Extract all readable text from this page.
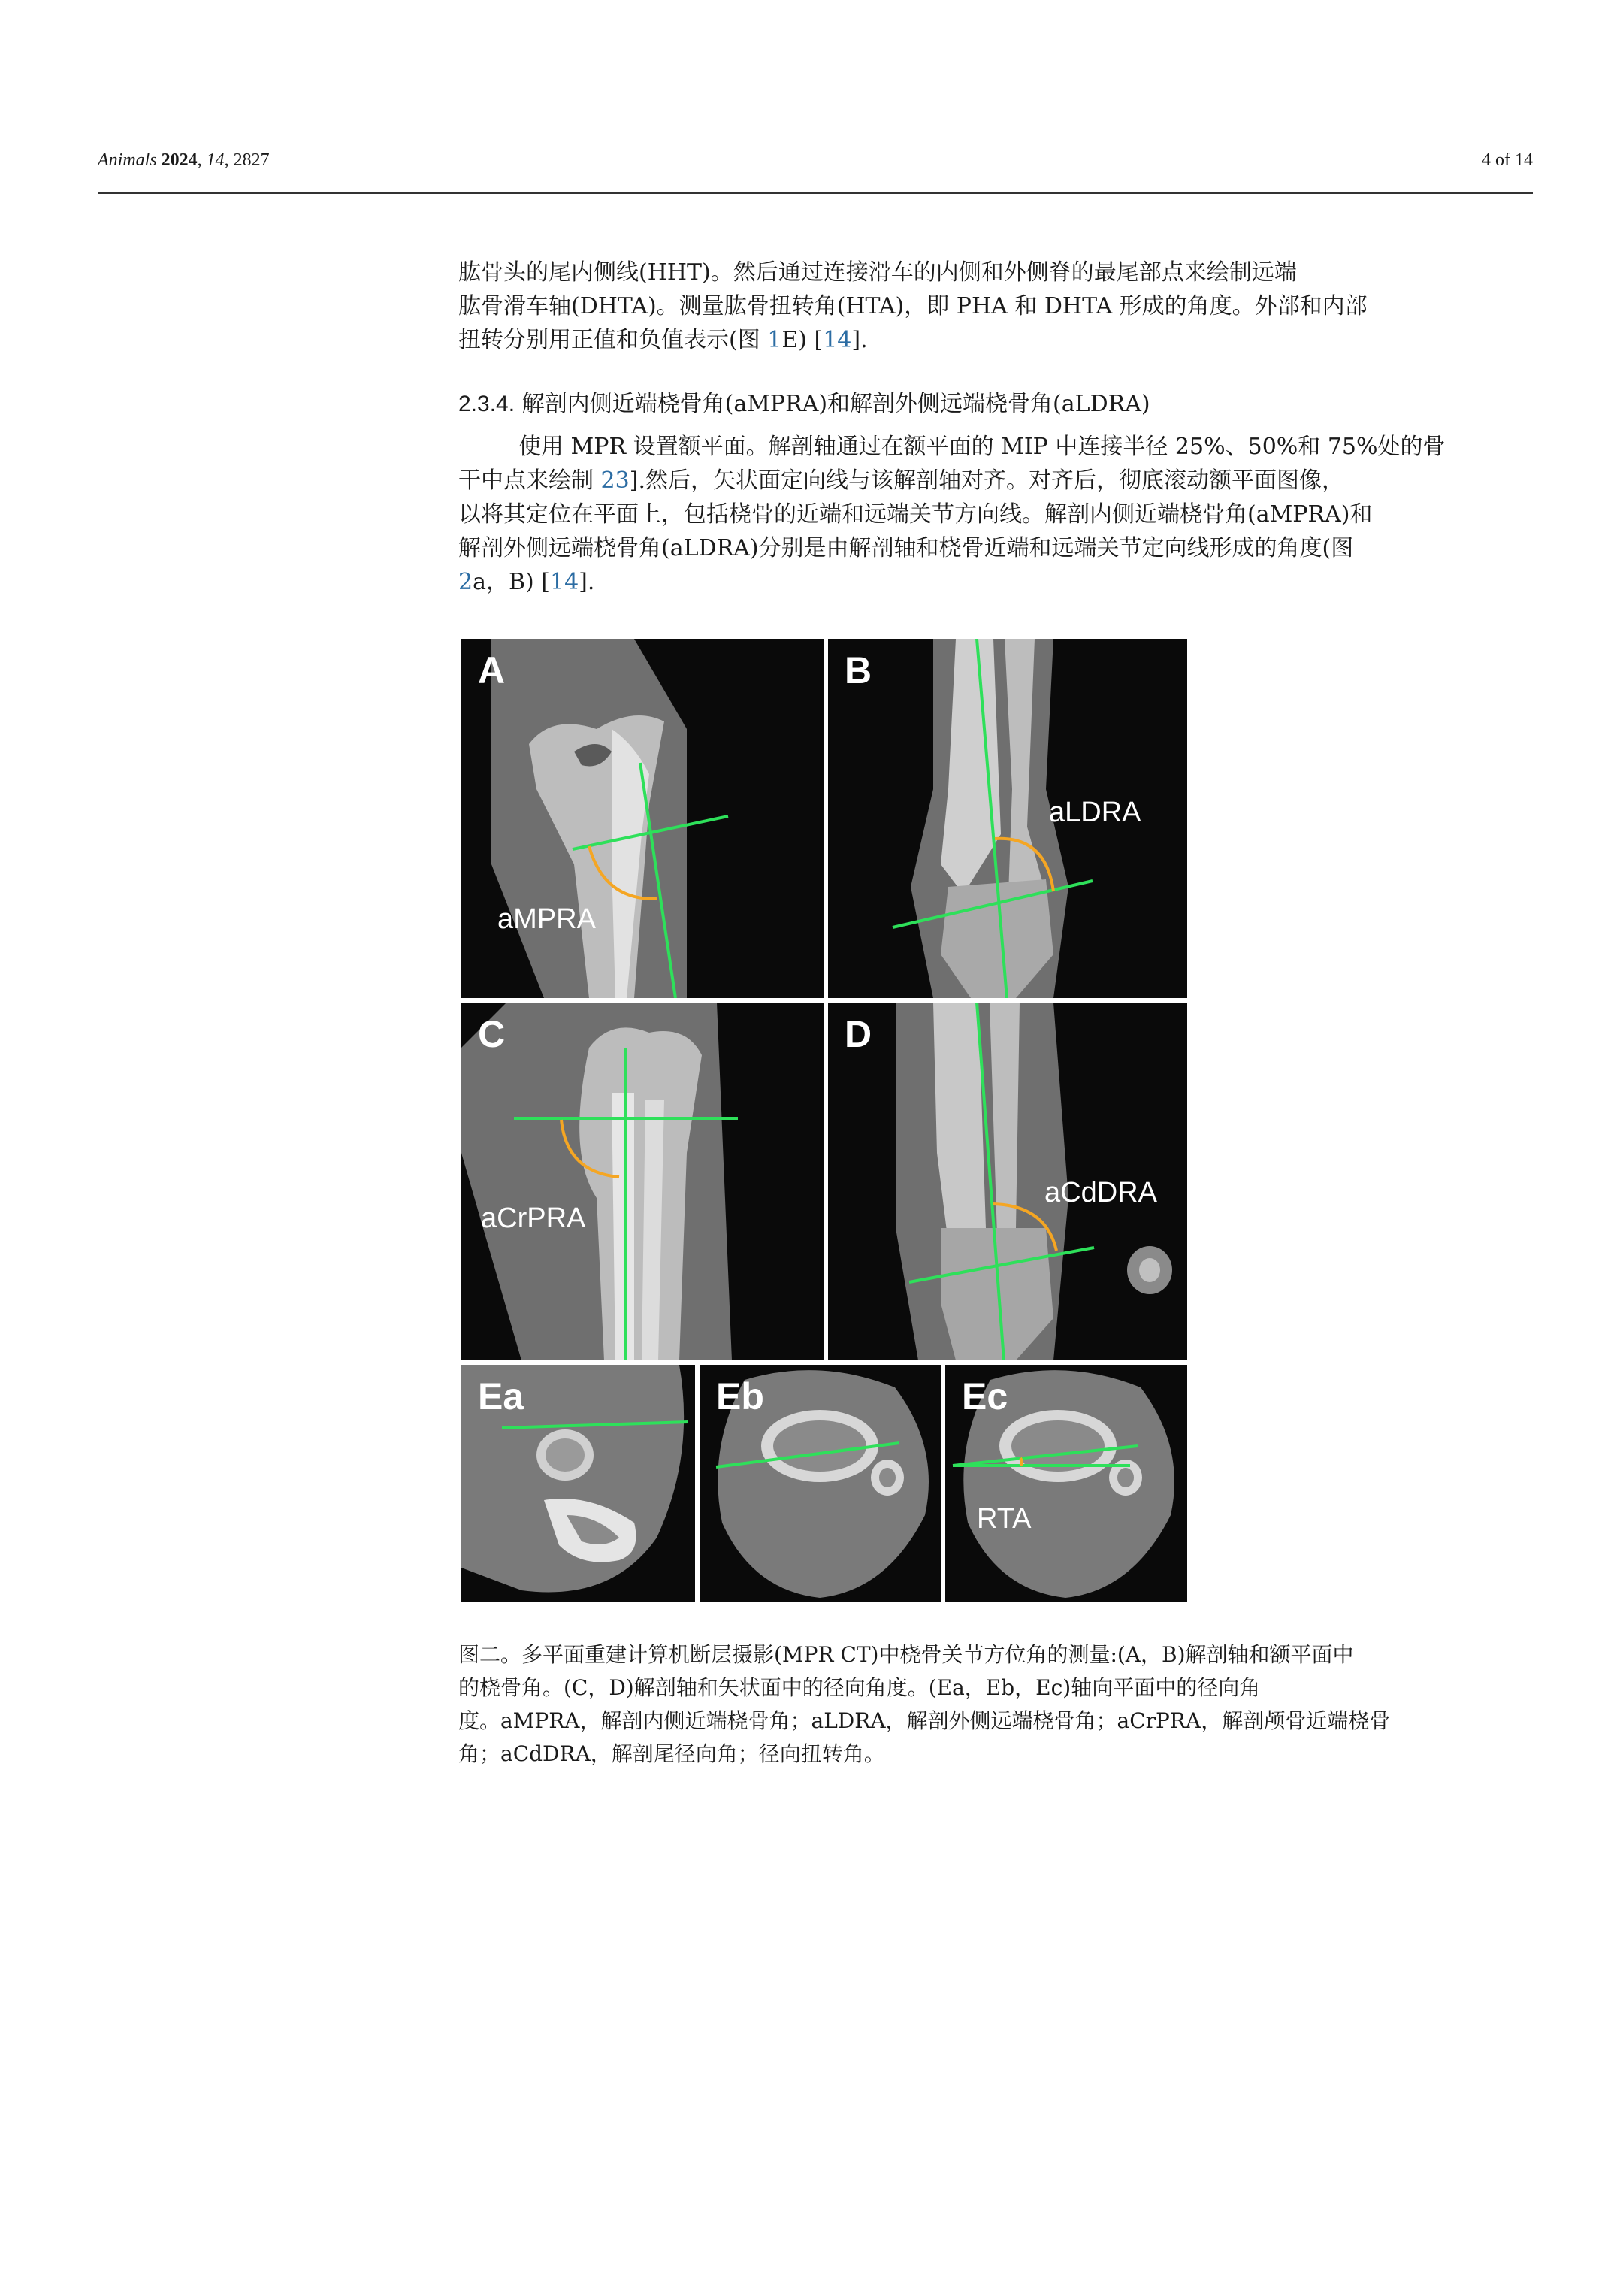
Animals 2024, 14, 2827	4 of 14

肱骨头的尾内侧线(HHT)。然后通过连接滑车的内侧和外侧脊的最尾部点来绘制远端

肱骨滑车轴(DHTA)。测量肱骨扭转角(HTA)，即 PHA 和 DHTA 形成的角度。外部和内部

扭转分别用正值和负值表示(图 1E) [14].

2.3.4. 解剖内侧近端桡骨角(aMPRA)和解剖外侧远端桡骨角(aLDRA)

使用 MPR 设置额平面。解剖轴通过在额平面的 MIP 中连接半径 25%、50%和 75%处的骨

干中点来绘制 23].然后，矢状面定向线与该解剖轴对齐。对齐后，彻底滚动额平面图像，

以将其定位在平面上，包括桡骨的近端和远端关节方向线。解剖内侧近端桡骨角(aMPRA)和

解剖外侧远端桡骨角(aLDRA)分别是由解剖轴和桡骨近端和远端关节定向线形成的角度(图

2a，B) [14].

A
aMPRA
B
aLDRA
C
aCrPRA
D
aCdDRA
Ea	Eb	Ec
RTA

图二。多平面重建计算机断层摄影(MPR CT)中桡骨关节方位角的测量:(A，B)解剖轴和额平面中

的桡骨角。(C，D)解剖轴和矢状面中的径向角度。(Ea，Eb，Ec)轴向平面中的径向角

度。aMPRA，解剖内侧近端桡骨角；aLDRA，解剖外侧远端桡骨角；aCrPRA，解剖颅骨近端桡骨

角；aCdDRA，解剖尾径向角；径向扭转角。
